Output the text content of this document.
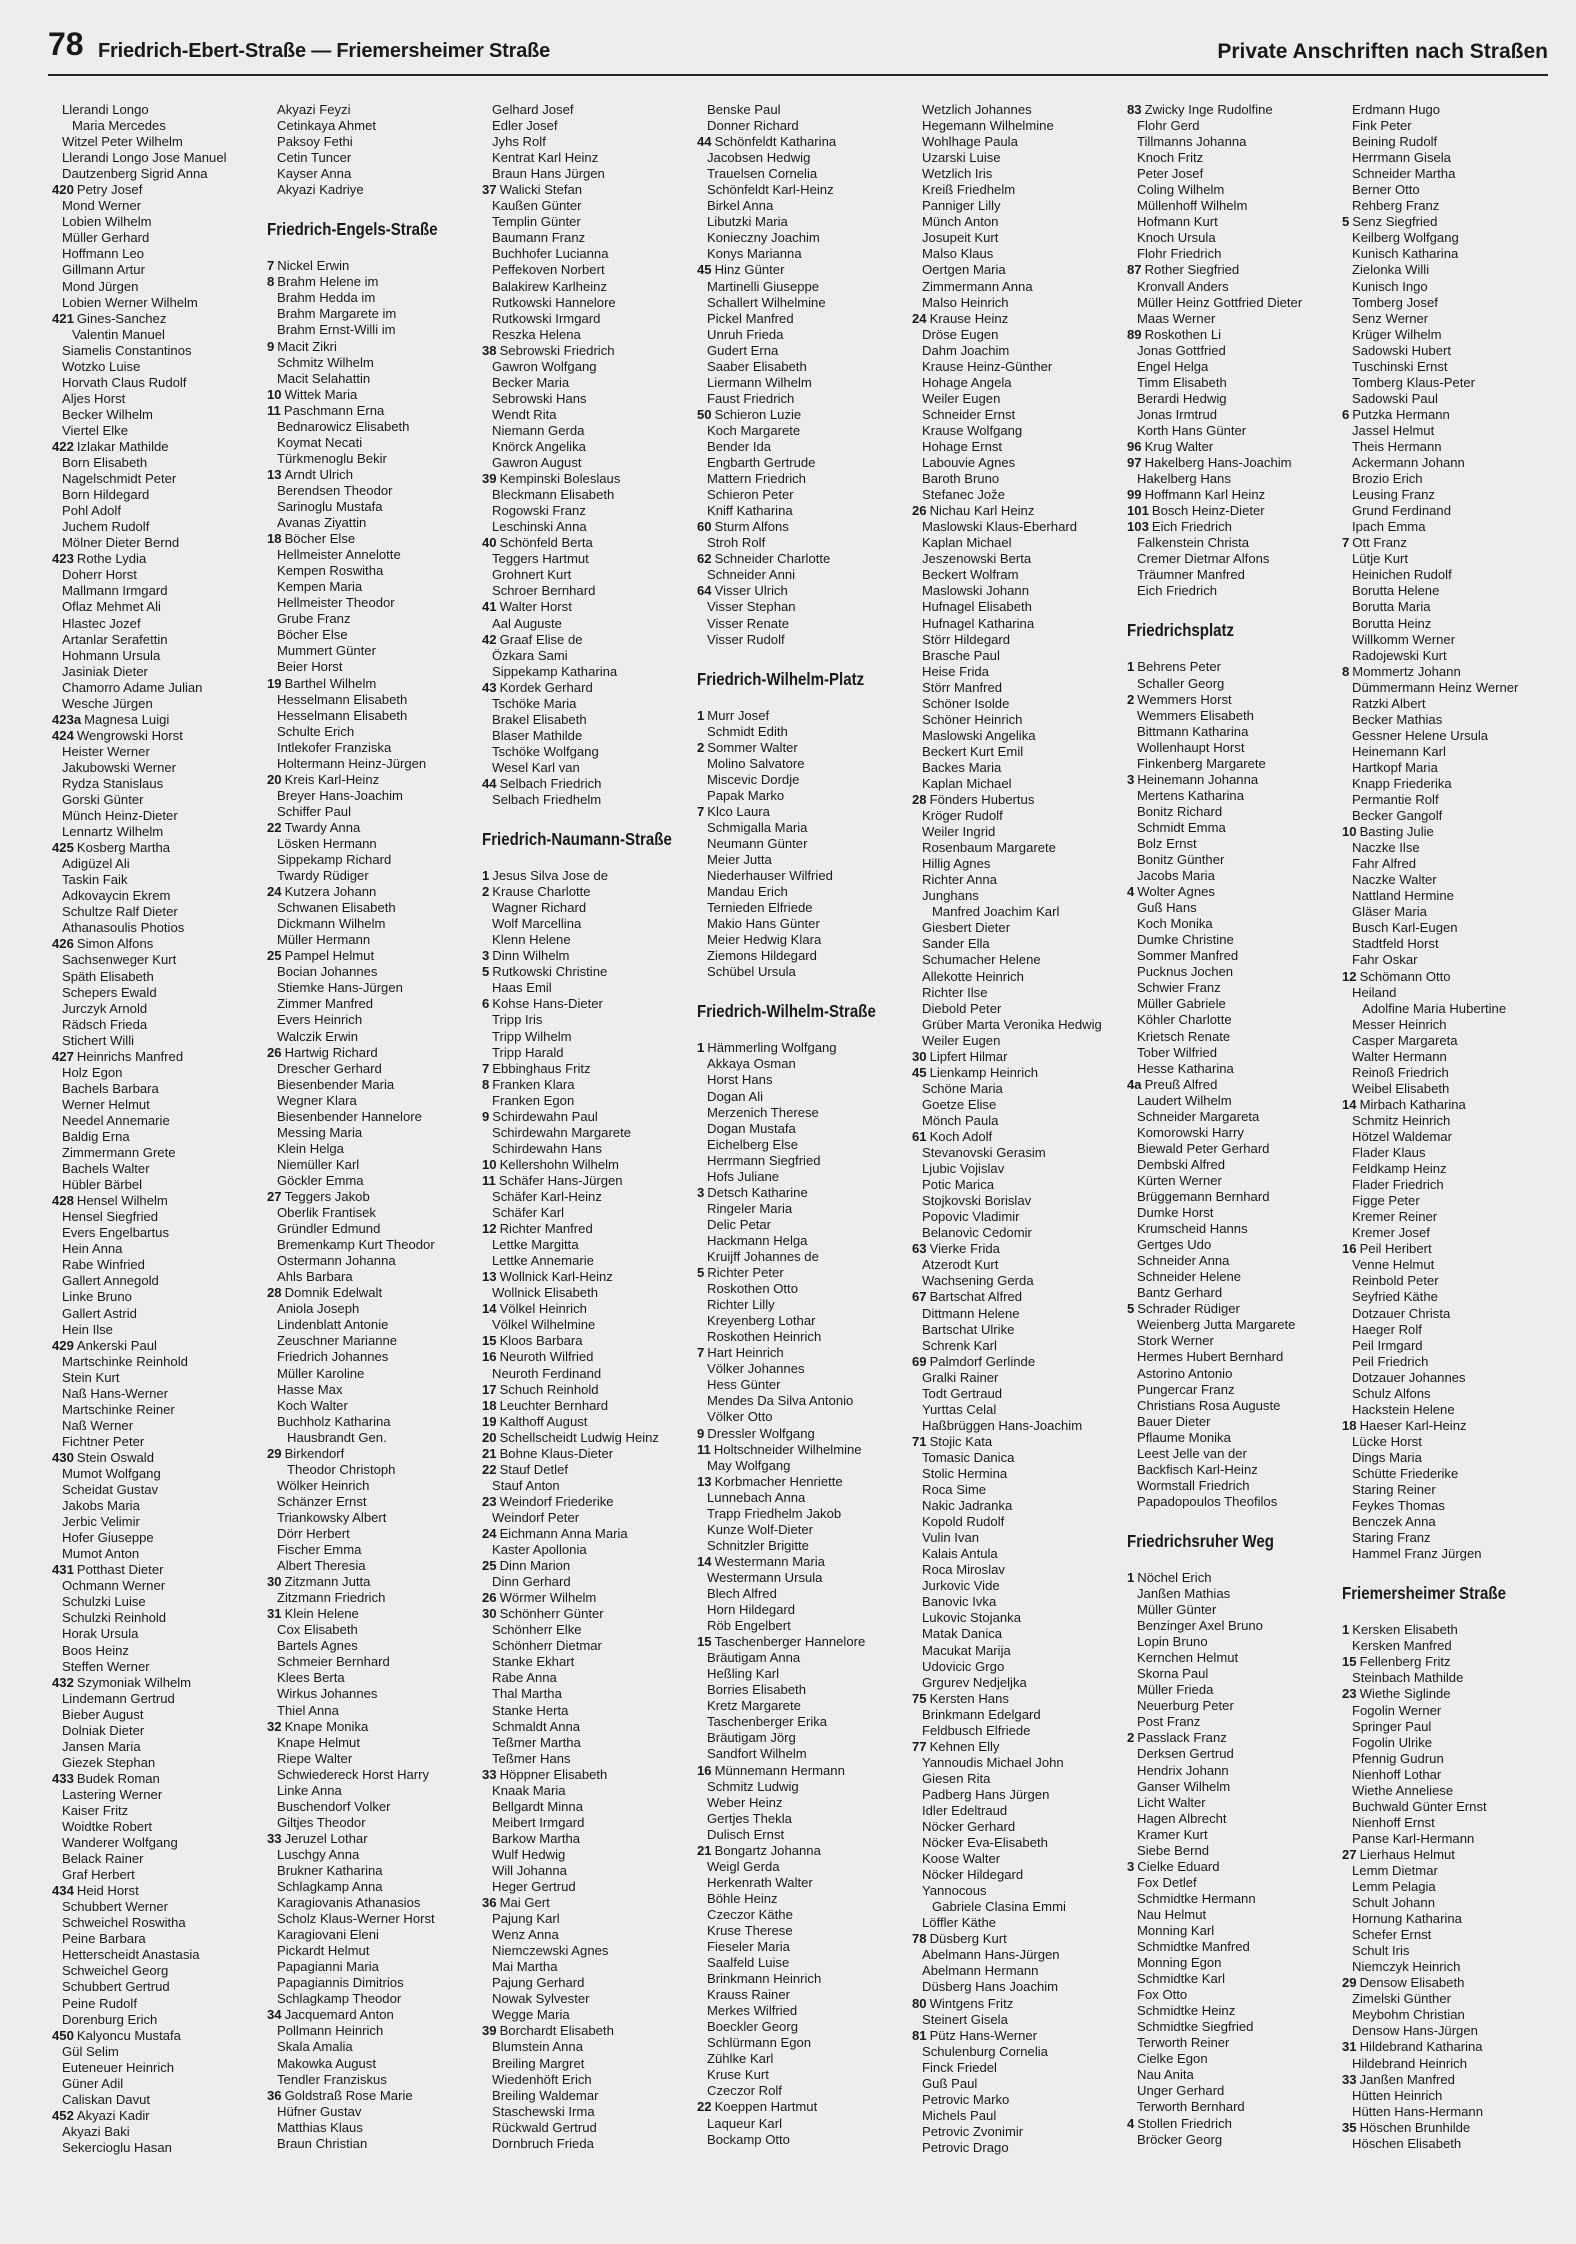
78 Friedrich-Ebert-Straße — Friemersheimer Straße	Private Anschriften nach Straßen
Llerandi Longo
Maria Mercedes
Witzel Peter Wilhelm
Llerandi Longo Jose Manuel
Dautzenberg Sigrid Anna
420 Petry Josef
Mond Werner
Lobien Wilhelm
Müller Gerhard
Hoffmann Leo
Gillmann Artur
Mond Jürgen
Lobien Werner Wilhelm
421 Gines-Sanchez
Valentin Manuel
Siamelis Constantinos
Wotzko Luise
Horvath Claus Rudolf
Aljes Horst
Becker Wilhelm
Viertel Elke
422 Izlakar Mathilde
Born Elisabeth
Nagelschmidt Peter
Born Hildegard
Pohl Adolf
Juchem Rudolf
Mölner Dieter Bernd
423 Rothe Lydia
Doherr Horst
Mallmann Irmgard
Oflaz Mehmet Ali
Hlastec Jozef
Artanlar Serafettin
Hohmann Ursula
Jasiniak Dieter
Chamorro Adame Julian
Wesche Jürgen
423a Magnesa Luigi
424 Wengrowski Horst
Heister Werner
Jakubowski Werner
Rydza Stanislaus
Gorski Günter
Münch Heinz-Dieter
Lennartz Wilhelm
425 Kosberg Martha
Adigüzel Ali
Taskin Faik
Adkovaycin Ekrem
Schultze Ralf Dieter
Athanasoulis Photios
426 Simon Alfons
Sachsenweger Kurt
Späth Elisabeth
Schepers Ewald
Jurczyk Arnold
Rädsch Frieda
Stichert Willi
427 Heinrichs Manfred
Holz Egon
Bachels Barbara
Werner Helmut
Needel Annemarie
Baldig Erna
Zimmermann Grete
Bachels Walter
Hübler Bärbel
428 Hensel Wilhelm
Hensel Siegfried
Evers Engelbartus
Hein Anna
Rabe Winfried
Gallert Annegold
Linke Bruno
Gallert Astrid
Hein Ilse
429 Ankerski Paul
Martschinke Reinhold
Stein Kurt
Naß Hans-Werner
Martschinke Reiner
Naß Werner
Fichtner Peter
430 Stein Oswald
Mumot Wolfgang
Scheidat Gustav
Jakobs Maria
Jerbic Velimir
Hofer Giuseppe
Mumot Anton
431 Potthast Dieter
Ochmann Werner
Schulzki Luise
Schulzki Reinhold
Horak Ursula
Boos Heinz
Steffen Werner
432 Szymoniak Wilhelm
Lindemann Gertrud
Bieber August
Dolniak Dieter
Jansen Maria
Giezek Stephan
433 Budek Roman
Lastering Werner
Kaiser Fritz
Woidtke Robert
Wanderer Wolfgang
Belack Rainer
Graf Herbert
434 Heid Horst
Schubbert Werner
Schweichel Roswitha
Peine Barbara
Hetterscheidt Anastasia
Schweichel Georg
Schubbert Gertrud
Peine Rudolf
Dorenburg Erich
450 Kalyoncu Mustafa
Gül Selim
Euteneuer Heinrich
Güner Adil
Caliskan Davut
452 Akyazi Kadir
Akyazi Baki
Sekercioglu Hasan
Akyazi Feyzi
Cetinkaya Ahmet
Paksoy Fethi
Cetin Tuncer
Kayser Anna
Akyazi Kadriye
Friedrich-Engels-Straße
7 Nickel Erwin
8 Brahm Helene im
Brahm Hedda im
Brahm Margarete im
Brahm Ernst-Willi im
9 Macit Zikri
Schmitz Wilhelm
Macit Selahattin
10 Wittek Maria
11 Paschmann Erna
Bednarowicz Elisabeth
Koymat Necati
Türkmenoglu Bekir
13 Arndt Ulrich
Berendsen Theodor
Sarinoglu Mustafa
Avanas Ziyattin
18 Böcher Else
Hellmeister Annelotte
Kempen Roswitha
Kempen Maria
Hellmeister Theodor
Grube Franz
Böcher Else
Mummert Günter
Beier Horst
19 Barthel Wilhelm
Hesselmann Elisabeth
Hesselmann Elisabeth
Schulte Erich
Intlekofer Franziska
Holtermann Heinz-Jürgen
20 Kreis Karl-Heinz
Breyer Hans-Joachim
Schiffer Paul
22 Twardy Anna
Lösken Hermann
Sippekamp Richard
Twardy Rüdiger
24 Kutzera Johann
Schwanen Elisabeth
Dickmann Wilhelm
Müller Hermann
25 Pampel Helmut
Bocian Johannes
Stiemke Hans-Jürgen
Zimmer Manfred
Evers Heinrich
Walczik Erwin
26 Hartwig Richard
Drescher Gerhard
Biesenbender Maria
Wegner Klara
Biesenbender Hannelore
Messing Maria
Klein Helga
Niemüller Karl
Göckler Emma
27 Teggers Jakob
Oberlik Frantisek
Gründler Edmund
Bremenkamp Kurt Theodor
Ostermann Johanna
Ahls Barbara
28 Domnik Edelwalt
Aniola Joseph
Lindenblatt Antonie
Zeuschner Marianne
Friedrich Johannes
Müller Karoline
Hasse Max
Koch Walter
Buchholz Katharina
Hausbrandt Gen.
29 Birkendorf
Theodor Christoph
Wölker Heinrich
Schänzer Ernst
Triankowsky Albert
Dörr Herbert
Fischer Emma
Albert Theresia
30 Zitzmann Jutta
Zitzmann Friedrich
31 Klein Helene
Cox Elisabeth
Bartels Agnes
Schmeier Bernhard
Klees Berta
Wirkus Johannes
Thiel Anna
32 Knape Monika
Knape Helmut
Riepe Walter
Schwiedereck Horst Harry
Linke Anna
Buschendorf Volker
Giltjes Theodor
33 Jeruzel Lothar
Luschgy Anna
Brukner Katharina
Schlagkamp Anna
Karagiovanis Athanasios
Scholz Klaus-Werner Horst
Karagiovani Eleni
Pickardt Helmut
Papagianni Maria
Papagiannis Dimitrios
Schlagkamp Theodor
34 Jacquemard Anton
Pollmann Heinrich
Skala Amalia
Makowka August
Tendler Franziskus
36 Goldstraß Rose Marie
Hüfner Gustav
Matthias Klaus
Braun Christian
Gelhard Josef
Edler Josef
Jyhs Rolf
Kentrat Karl Heinz
Braun Hans Jürgen
37 Walicki Stefan
Kaußen Günter
Templin Günter
Baumann Franz
Buchhofer Lucianna
Peffekoven Norbert
Balakirew Karlheinz
Rutkowski Hannelore
Rutkowski Irmgard
Reszka Helena
38 Sebrowski Friedrich
Gawron Wolfgang
Becker Maria
Sebrowski Hans
Wendt Rita
Niemann Gerda
Knörck Angelika
Gawron August
39 Kempinski Boleslaus
Bleckmann Elisabeth
Rogowski Franz
Leschinski Anna
40 Schönfeld Berta
Teggers Hartmut
Grohnert Kurt
Schroer Bernhard
41 Walter Horst
Aal Auguste
42 Graaf Elise de
Özkara Sami
Sippekamp Katharina
43 Kordek Gerhard
Tschöke Maria
Brakel Elisabeth
Blaser Mathilde
Tschöke Wolfgang
Wesel Karl van
44 Selbach Friedrich
Selbach Friedhelm
Friedrich-Naumann-Straße
1 Jesus Silva Jose de
2 Krause Charlotte
Wagner Richard
Wolf Marcellina
Klenn Helene
3 Dinn Wilhelm
5 Rutkowski Christine
Haas Emil
6 Kohse Hans-Dieter
Tripp Iris
Tripp Wilhelm
Tripp Harald
7 Ebbinghaus Fritz
8 Franken Klara
Franken Egon
9 Schirdewahn Paul
Schirdewahn Margarete
Schirdewahn Hans
10 Kellershohn Wilhelm
11 Schäfer Hans-Jürgen
Schäfer Karl-Heinz
Schäfer Karl
12 Richter Manfred
Lettke Margitta
Lettke Annemarie
13 Wollnick Karl-Heinz
Wollnick Elisabeth
14 Völkel Heinrich
Völkel Wilhelmine
15 Kloos Barbara
16 Neuroth Wilfried
Neuroth Ferdinand
17 Schuch Reinhold
18 Leuchter Bernhard
19 Kalthoff August
20 Schellscheidt Ludwig Heinz
21 Bohne Klaus-Dieter
22 Stauf Detlef
Stauf Anton
23 Weindorf Friederike
Weindorf Peter
24 Eichmann Anna Maria
Kaster Apollonia
25 Dinn Marion
Dinn Gerhard
26 Wörmer Wilhelm
30 Schönherr Günter
Schönherr Elke
Schönherr Dietmar
Stanke Ekhart
Rabe Anna
Thal Martha
Stanke Herta
Schmaldt Anna
Teßmer Martha
Teßmer Hans
33 Höppner Elisabeth
Knaak Maria
Bellgardt Minna
Meibert Irmgard
Barkow Martha
Wulf Hedwig
Will Johanna
Heger Gertrud
36 Mai Gert
Pajung Karl
Wenz Anna
Niemczewski Agnes
Mai Martha
Pajung Gerhard
Nowak Sylvester
Wegge Maria
39 Borchardt Elisabeth
Blumstein Anna
Breiling Margret
Wiedenhöft Erich
Breiling Waldemar
Staschewski Irma
Rückwald Gertrud
Dornbruch Frieda
Benske Paul
Donner Richard
44 Schönfeldt Katharina
Jacobsen Hedwig
Trauelsen Cornelia
Schönfeldt Karl-Heinz
Birkel Anna
Libutzki Maria
Konieczny Joachim
Konys Marianna
45 Hinz Günter
Martinelli Giuseppe
Schallert Wilhelmine
Pickel Manfred
Unruh Frieda
Gudert Erna
Saaber Elisabeth
Liermann Wilhelm
Faust Friedrich
50 Schieron Luzie
Koch Margarete
Bender Ida
Engbarth Gertrude
Mattern Friedrich
Schieron Peter
Kniff Katharina
60 Sturm Alfons
Stroh Rolf
62 Schneider Charlotte
Schneider Anni
64 Visser Ulrich
Visser Stephan
Visser Renate
Visser Rudolf
Friedrich-Wilhelm-Platz
1 Murr Josef
Schmidt Edith
2 Sommer Walter
Molino Salvatore
Miscevic Dordje
Papak Marko
7 Klco Laura
Schmigalla Maria
Neumann Günter
Meier Jutta
Niederhauser Wilfried
Mandau Erich
Ternieden Elfriede
Makio Hans Günter
Meier Hedwig Klara
Ziemons Hildegard
Schübel Ursula
Friedrich-Wilhelm-Straße
1 Hämmerling Wolfgang
Akkaya Osman
Horst Hans
Dogan Ali
Merzenich Therese
Dogan Mustafa
Eichelberg Else
Herrmann Siegfried
Hofs Juliane
3 Detsch Katharine
Ringeler Maria
Delic Petar
Hackmann Helga
Kruijff Johannes de
5 Richter Peter
Roskothen Otto
Richter Lilly
Kreyenberg Lothar
Roskothen Heinrich
7 Hart Heinrich
Völker Johannes
Hess Günter
Mendes Da Silva Antonio
Völker Otto
9 Dressler Wolfgang
11 Holtschneider Wilhelmine
May Wolfgang
13 Korbmacher Henriette
Lunnebach Anna
Trapp Friedhelm Jakob
Kunze Wolf-Dieter
Schnitzler Brigitte
14 Westermann Maria
Westermann Ursula
Blech Alfred
Horn Hildegard
Röb Engelbert
15 Taschenberger Hannelore
Bräutigam Anna
Heßling Karl
Borries Elisabeth
Kretz Margarete
Taschenberger Erika
Bräutigam Jörg
Sandfort Wilhelm
16 Münnemann Hermann
Schmitz Ludwig
Weber Heinz
Gertjes Thekla
Dulisch Ernst
21 Bongartz Johanna
Weigl Gerda
Herkenrath Walter
Böhle Heinz
Czeczor Käthe
Kruse Therese
Fieseler Maria
Saalfeld Luise
Brinkmann Heinrich
Krauss Rainer
Merkes Wilfried
Boeckler Georg
Schlürmann Egon
Zühlke Karl
Kruse Kurt
Czeczor Rolf
22 Koeppen Hartmut
Laqueur Karl
Bockamp Otto
Wetzlich Johannes
Hegemann Wilhelmine
Wohlhage Paula
Uzarski Luise
Wetzlich Iris
Kreiß Friedhelm
Panniger Lilly
Münch Anton
Josupeit Kurt
Malso Klaus
Oertgen Maria
Zimmermann Anna
Malso Heinrich
24 Krause Heinz
Dröse Eugen
Dahm Joachim
Krause Heinz-Günther
Hohage Angela
Weiler Eugen
Schneider Ernst
Krause Wolfgang
Hohage Ernst
Labouvie Agnes
Baroth Bruno
Stefanec Jože
26 Nichau Karl Heinz
Maslowski Klaus-Eberhard
Kaplan Michael
Jeszenowski Berta
Beckert Wolfram
Maslowski Johann
Hufnagel Elisabeth
Hufnagel Katharina
Störr Hildegard
Brasche Paul
Heise Frida
Störr Manfred
Schöner Isolde
Schöner Heinrich
Maslowski Angelika
Beckert Kurt Emil
Backes Maria
Kaplan Michael
28 Fönders Hubertus
Kröger Rudolf
Weiler Ingrid
Rosenbaum Margarete
Hillig Agnes
Richter Anna
Junghans
Manfred Joachim Karl
Giesbert Dieter
Sander Ella
Schumacher Helene
Allekotte Heinrich
Richter Ilse
Diebold Peter
Grüber Marta Veronika Hedwig
Weiler Eugen
30 Lipfert Hilmar
45 Lienkamp Heinrich
Schöne Maria
Goetze Elise
Mönch Paula
61 Koch Adolf
Stevanovski Gerasim
Ljubic Vojislav
Potic Marica
Stojkovski Borislav
Popovic Vladimir
Belanovic Cedomir
63 Vierke Frida
Atzerodt Kurt
Wachsening Gerda
67 Bartschat Alfred
Dittmann Helene
Bartschat Ulrike
Schrenk Karl
69 Palmdorf Gerlinde
Gralki Rainer
Todt Gertraud
Yurttas Celal
Haßbrüggen Hans-Joachim
71 Stojic Kata
Tomasic Danica
Stolic Hermina
Roca Sime
Nakic Jadranka
Kopold Rudolf
Vulin Ivan
Kalais Antula
Roca Miroslav
Jurkovic Vide
Banovic Ivka
Lukovic Stojanka
Matak Danica
Macukat Marija
Udovicic Grgo
Grgurev Nedjeljka
75 Kersten Hans
Brinkmann Edelgard
Feldbusch Elfriede
77 Kehnen Elly
Yannoudis Michael John
Giesen Rita
Padberg Hans Jürgen
Idler Edeltraud
Nöcker Gerhard
Nöcker Eva-Elisabeth
Koose Walter
Nöcker Hildegard
Yannocous
Gabriele Clasina Emmi
Löffler Käthe
78 Düsberg Kurt
Abelmann Hans-Jürgen
Abelmann Hermann
Düsberg Hans Joachim
80 Wintgens Fritz
Steinert Gisela
81 Pütz Hans-Werner
Schulenburg Cornelia
Finck Friedel
Guß Paul
Petrovic Marko
Michels Paul
Petrovic Zvonimir
Petrovic Drago
83 Zwicky Inge Rudolfine
Flohr Gerd
Tillmanns Johanna
Knoch Fritz
Peter Josef
Coling Wilhelm
Müllenhoff Wilhelm
Hofmann Kurt
Knoch Ursula
Flohr Friedrich
87 Rother Siegfried
Kronvall Anders
Müller Heinz Gottfried Dieter
Maas Werner
89 Roskothen Li
Jonas Gottfried
Engel Helga
Timm Elisabeth
Berardi Hedwig
Jonas Irmtrud
Korth Hans Günter
96 Krug Walter
97 Hakelberg Hans-Joachim
Hakelberg Hans
99 Hoffmann Karl Heinz
101 Bosch Heinz-Dieter
103 Eich Friedrich
Falkenstein Christa
Cremer Dietmar Alfons
Träumner Manfred
Eich Friedrich
Friedrichsplatz
1 Behrens Peter
Schaller Georg
2 Wemmers Horst
Wemmers Elisabeth
Bittmann Katharina
Wollenhaupt Horst
Finkenberg Margarete
3 Heinemann Johanna
Mertens Katharina
Bonitz Richard
Schmidt Emma
Bolz Ernst
Bonitz Günther
Jacobs Maria
4 Wolter Agnes
Guß Hans
Koch Monika
Dumke Christine
Sommer Manfred
Pucknus Jochen
Schwier Franz
Müller Gabriele
Köhler Charlotte
Krietsch Renate
Tober Wilfried
Hesse Katharina
4a Preuß Alfred
Laudert Wilhelm
Schneider Margareta
Komorowski Harry
Biewald Peter Gerhard
Dembski Alfred
Kürten Werner
Brüggemann Bernhard
Dumke Horst
Krumscheid Hanns
Gertges Udo
Schneider Anna
Schneider Helene
Bantz Gerhard
5 Schrader Rüdiger
Weienberg Jutta Margarete
Stork Werner
Hermes Hubert Bernhard
Astorino Antonio
Pungercar Franz
Christians Rosa Auguste
Bauer Dieter
Pflaume Monika
Leest Jelle van der
Backfisch Karl-Heinz
Wormstall Friedrich
Papadopoulos Theofilos
Friedrichsruher Weg
1 Nöchel Erich
Janßen Mathias
Müller Günter
Benzinger Axel Bruno
Lopin Bruno
Kernchen Helmut
Skorna Paul
Müller Frieda
Neuerburg Peter
Post Franz
2 Passlack Franz
Derksen Gertrud
Hendrix Johann
Ganser Wilhelm
Licht Walter
Hagen Albrecht
Kramer Kurt
Siebe Bernd
3 Cielke Eduard
Fox Detlef
Schmidtke Hermann
Nau Helmut
Monning Karl
Schmidtke Manfred
Monning Egon
Schmidtke Karl
Fox Otto
Schmidtke Heinz
Schmidtke Siegfried
Terworth Reiner
Cielke Egon
Nau Anita
Unger Gerhard
Terworth Bernhard
4 Stollen Friedrich
Bröcker Georg
Erdmann Hugo
Fink Peter
Beining Rudolf
Herrmann Gisela
Schneider Martha
Berner Otto
Rehberg Franz
5 Senz Siegfried
Keilberg Wolfgang
Kunisch Katharina
Zielonka Willi
Kunisch Ingo
Tomberg Josef
Senz Werner
Krüger Wilhelm
Sadowski Hubert
Tuschinski Ernst
Tomberg Klaus-Peter
Sadowski Paul
6 Putzka Hermann
Jassel Helmut
Theis Hermann
Ackermann Johann
Brozio Erich
Leusing Franz
Grund Ferdinand
Ipach Emma
7 Ott Franz
Lütje Kurt
Heinichen Rudolf
Borutta Helene
Borutta Maria
Borutta Heinz
Willkomm Werner
Radojewski Kurt
8 Mommertz Johann
Dümmermann Heinz Werner
Ratzki Albert
Becker Mathias
Gessner Helene Ursula
Heinemann Karl
Hartkopf Maria
Knapp Friederika
Permantie Rolf
Becker Gangolf
10 Basting Julie
Naczke Ilse
Fahr Alfred
Naczke Walter
Nattland Hermine
Gläser Maria
Busch Karl-Eugen
Stadtfeld Horst
Fahr Oskar
12 Schömann Otto
Heiland
Adolfine Maria Hubertine
Messer Heinrich
Casper Margareta
Walter Hermann
Reinoß Friedrich
Weibel Elisabeth
14 Mirbach Katharina
Schmitz Heinrich
Hötzel Waldemar
Flader Klaus
Feldkamp Heinz
Flader Friedrich
Figge Peter
Kremer Reiner
Kremer Josef
16 Peil Heribert
Venne Helmut
Reinbold Peter
Seyfried Käthe
Dotzauer Christa
Haeger Rolf
Peil Irmgard
Peil Friedrich
Dotzauer Johannes
Schulz Alfons
Hackstein Helene
18 Haeser Karl-Heinz
Lücke Horst
Dings Maria
Schütte Friederike
Staring Reiner
Feykes Thomas
Benczek Anna
Staring Franz
Hammel Franz Jürgen
Friemersheimer Straße
1 Kersken Elisabeth
Kersken Manfred
15 Fellenberg Fritz
Steinbach Mathilde
23 Wiethe Siglinde
Fogolin Werner
Springer Paul
Fogolin Ulrike
Pfennig Gudrun
Nienhoff Lothar
Wiethe Anneliese
Buchwald Günter Ernst
Nienhoff Ernst
Panse Karl-Hermann
27 Lierhaus Helmut
Lemm Dietmar
Lemm Pelagia
Schult Johann
Hornung Katharina
Schefer Ernst
Schult Iris
Niemczyk Heinrich
29 Densow Elisabeth
Zimelski Günther
Meybohm Christian
Densow Hans-Jürgen
31 Hildebrand Katharina
Hildebrand Heinrich
33 Janßen Manfred
Hütten Heinrich
Hütten Hans-Hermann
35 Höschen Brunhilde
Höschen Elisabeth
